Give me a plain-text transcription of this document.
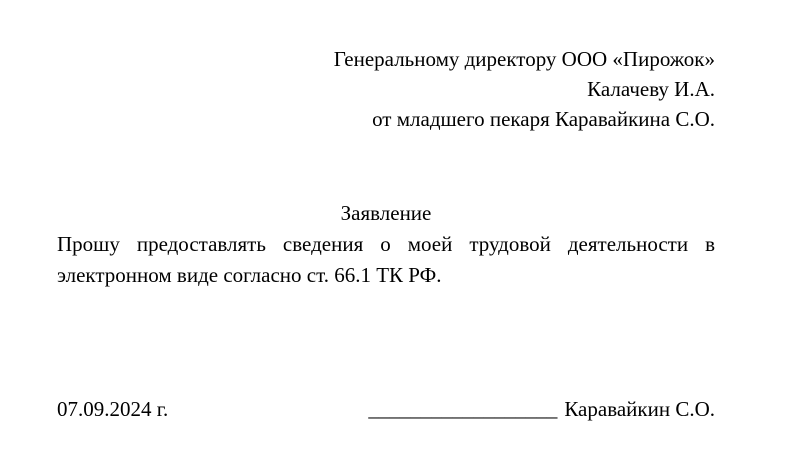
Генеральному директору ООО «Пирожок»
Калачеву И.А.
от младшего пекаря Каравайкина С.О.
Заявление
Прошу предоставлять сведения о моей трудовой деятельности в
электронном виде согласно ст. 66.1 ТК РФ.
07.09.2024 г.	__________________ Каравайкин С.О.
